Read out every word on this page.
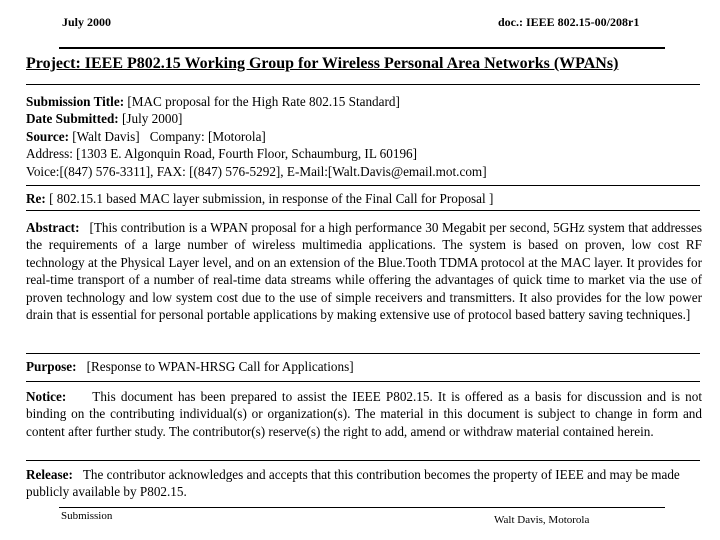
July 2000	doc.: IEEE 802.15-00/208r1
Project: IEEE P802.15 Working Group for Wireless Personal Area Networks (WPANs)
Submission Title: [MAC proposal for the High Rate 802.15 Standard]
Date Submitted: [July 2000]
Source: [Walt Davis] Company: [Motorola]
Address: [1303 E. Algonquin Road, Fourth Floor, Schaumburg, IL 60196]
Voice:[(847) 576-3311], FAX: [(847) 576-5292], E-Mail:[Walt.Davis@email.mot.com]
Re: [ 802.15.1 based MAC layer submission, in response of the Final Call for Proposal ]
Abstract: [This contribution is a WPAN proposal for a high performance 30 Megabit per second, 5GHz system that addresses the requirements of a large number of wireless multimedia applications. The system is based on proven, low cost RF technology at the Physical Layer level, and on an extension of the Blue.Tooth TDMA protocol at the MAC layer. It provides for real-time transport of a number of real-time data streams while offering the advantages of quick time to market via the use of proven technology and low system cost due to the use of simple receivers and transmitters. It also provides for the low power drain that is essential for personal portable applications by making extensive use of protocol based battery saving techniques.]
Purpose: [Response to WPAN-HRSG Call for Applications]
Notice: This document has been prepared to assist the IEEE P802.15. It is offered as a basis for discussion and is not binding on the contributing individual(s) or organization(s). The material in this document is subject to change in form and content after further study. The contributor(s) reserve(s) the right to add, amend or withdraw material contained herein.
Release: The contributor acknowledges and accepts that this contribution becomes the property of IEEE and may be made publicly available by P802.15.
Submission	Walt Davis, Motorola
